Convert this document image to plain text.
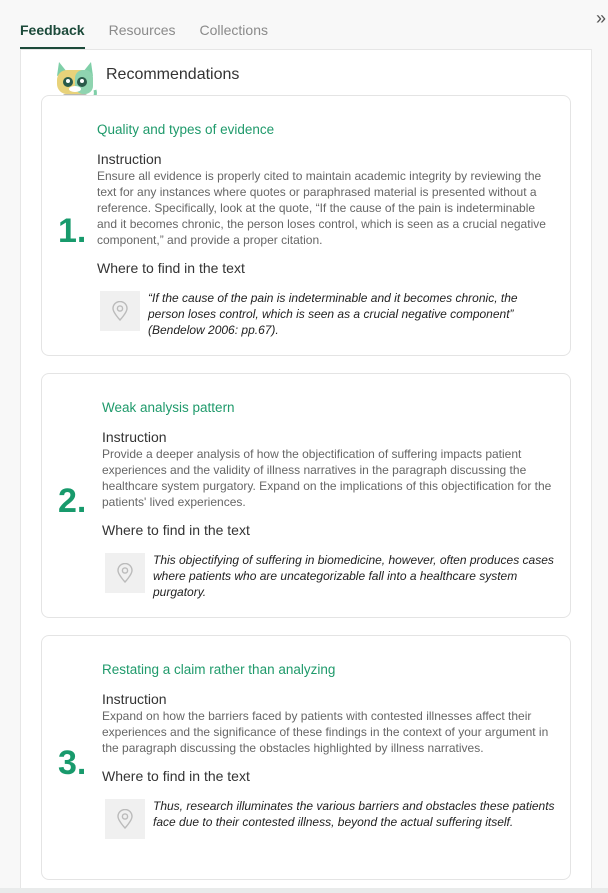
Feedback Resources Collections
»
Recommendations
1.
Quality and types of evidence
Instruction
Ensure all evidence is properly cited to maintain academic integrity by reviewing the text for any instances where quotes or paraphrased material is presented without a reference. Specifically, look at the quote, “If the cause of the pain is indeterminable and it becomes chronic, the person loses control, which is seen as a crucial negative component,” and provide a proper citation.
Where to find in the text
“If the cause of the pain is indeterminable and it becomes chronic, the person loses control, which is seen as a crucial negative component” (Bendelow 2006: pp.67).
2.
Weak analysis pattern
Instruction
Provide a deeper analysis of how the objectification of suffering impacts patient experiences and the validity of illness narratives in the paragraph discussing the healthcare system purgatory. Expand on the implications of this objectification for the patients' lived experiences.
Where to find in the text
This objectifying of suffering in biomedicine, however, often produces cases where patients who are uncategorizable fall into a healthcare system purgatory.
3.
Restating a claim rather than analyzing
Instruction
Expand on how the barriers faced by patients with contested illnesses affect their experiences and the significance of these findings in the context of your argument in the paragraph discussing the obstacles highlighted by illness narratives.
Where to find in the text
Thus, research illuminates the various barriers and obstacles these patients face due to their contested illness, beyond the actual suffering itself.
